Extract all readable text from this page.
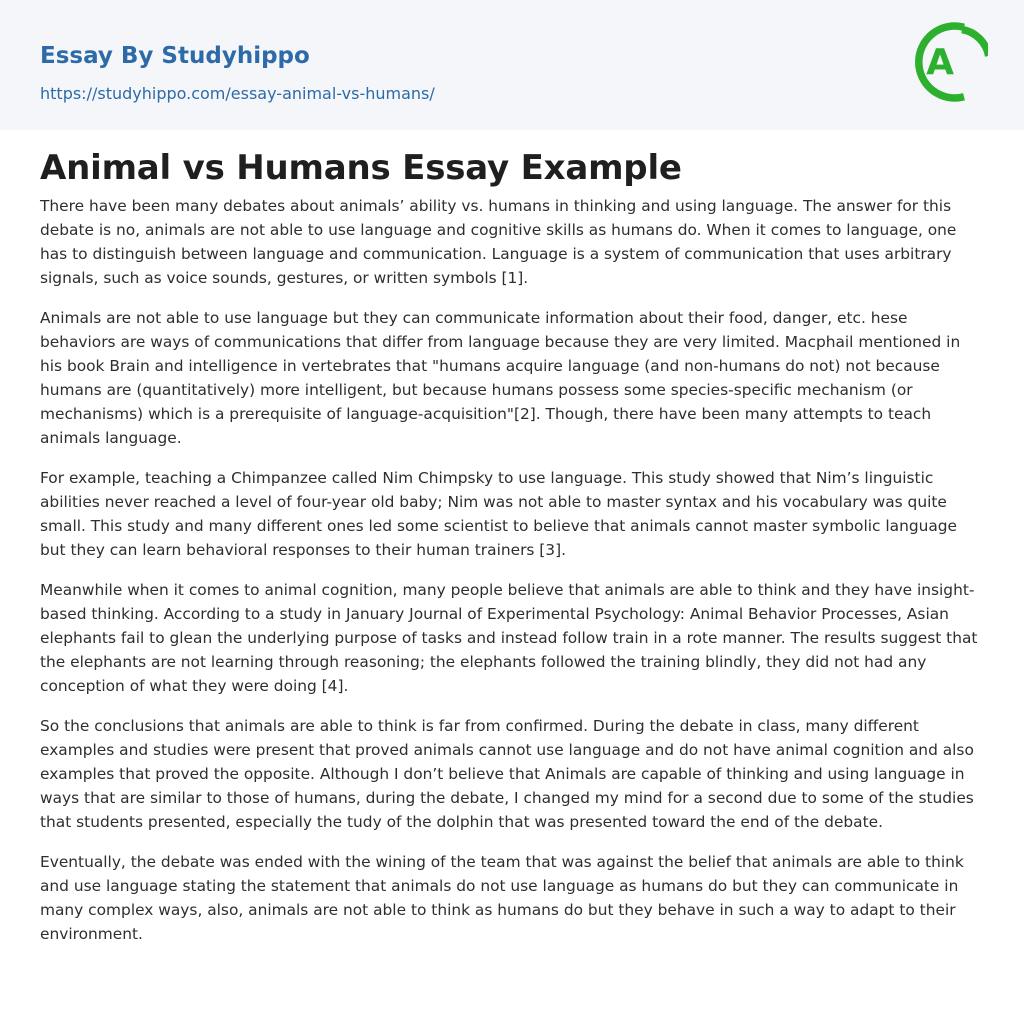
Essay By Studyhippo
https://studyhippo.com/essay-animal-vs-humans/
A
Animal vs Humans Essay Example

There have been many debates about animals’ ability vs. humans in thinking and using language. The answer for this debate is no, animals are not able to use language and cognitive skills as humans do. When it comes to language, one has to distinguish between language and communication. Language is a system of communication that uses arbitrary signals, such as voice sounds, gestures, or written symbols [1].

Animals are not able to use language but they can communicate information about their food, danger, etc. hese behaviors are ways of communications that differ from language because they are very limited. Macphail mentioned in his book Brain and intelligence in vertebrates that "humans acquire language (and non-humans do not) not because humans are (quantitatively) more intelligent, but because humans possess some species-specific mechanism (or mechanisms) which is a prerequisite of language-acquisition"[2]. Though, there have been many attempts to teach animals language.

For example, teaching a Chimpanzee called Nim Chimpsky to use language. This study showed that Nim’s linguistic abilities never reached a level of four-year old baby; Nim was not able to master syntax and his vocabulary was quite small. This study and many different ones led some scientist to believe that animals cannot master symbolic language but they can learn behavioral responses to their human trainers [3].

Meanwhile when it comes to animal cognition, many people believe that animals are able to think and they have insight-based thinking. According to a study in January Journal of Experimental Psychology: Animal Behavior Processes, Asian elephants fail to glean the underlying purpose of tasks and instead follow train in a rote manner. The results suggest that the elephants are not learning through reasoning; the elephants followed the training blindly, they did not had any conception of what they were doing [4].

So the conclusions that animals are able to think is far from confirmed. During the debate in class, many different examples and studies were present that proved animals cannot use language and do not have animal cognition and also examples that proved the opposite. Although I don’t believe that Animals are capable of thinking and using language in ways that are similar to those of humans, during the debate, I changed my mind for a second due to some of the studies that students presented, especially the tudy of the dolphin that was presented toward the end of the debate.

Eventually, the debate was ended with the wining of the team that was against the belief that animals are able to think and use language stating the statement that animals do not use language as humans do but they can communicate in many complex ways, also, animals are not able to think as humans do but they behave in such a way to adapt to their environment.
